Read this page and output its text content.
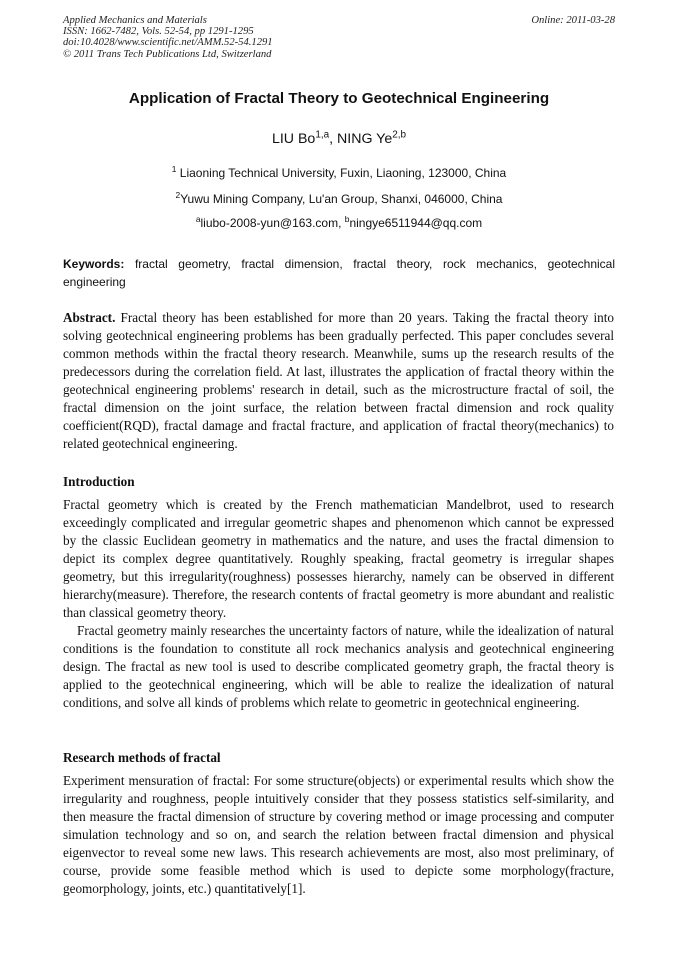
Applied Mechanics and Materials
ISSN: 1662-7482, Vols. 52-54, pp 1291-1295
doi:10.4028/www.scientific.net/AMM.52-54.1291
© 2011 Trans Tech Publications Ltd, Switzerland
Online: 2011-03-28
Application of Fractal Theory to Geotechnical Engineering
LIU Bo$^{1,a}$, NING Ye$^{2,b}$
$^1$ Liaoning Technical University, Fuxin, Liaoning, 123000, China
$^2$Yuwu Mining Company, Lu'an Group, Shanxi, 046000, China
$^a$liubo-2008-yun@163.com, $^b$ningye6511944@qq.com
Keywords: fractal geometry, fractal dimension, fractal theory, rock mechanics, geotechnical engineering
Abstract. Fractal theory has been established for more than 20 years. Taking the fractal theory into solving geotechnical engineering problems has been gradually perfected. This paper concludes several common methods within the fractal theory research. Meanwhile, sums up the research results of the predecessors during the correlation field. At last, illustrates the application of fractal theory within the geotechnical engineering problems' research in detail, such as the microstructure fractal of soil, the fractal dimension on the joint surface, the relation between fractal dimension and rock quality coefficient(RQD), fractal damage and fractal fracture, and application of fractal theory(mechanics) to related geotechnical engineering.
Introduction
Fractal geometry which is created by the French mathematician Mandelbrot, used to research exceedingly complicated and irregular geometric shapes and phenomenon which cannot be expressed by the classic Euclidean geometry in mathematics and the nature, and uses the fractal dimension to depict its complex degree quantitatively. Roughly speaking, fractal geometry is irregular shapes geometry, but this irregularity(roughness) possesses hierarchy, namely can be observed in different hierarchy(measure). Therefore, the research contents of fractal geometry is more abundant and realistic than classical geometry theory.
Fractal geometry mainly researches the uncertainty factors of nature, while the idealization of natural conditions is the foundation to constitute all rock mechanics analysis and geotechnical engineering design. The fractal as new tool is used to describe complicated geometry graph, the fractal theory is applied to the geotechnical engineering, which will be able to realize the idealization of natural conditions, and solve all kinds of problems which relate to geometric in geotechnical engineering.
Research methods of fractal
Experiment mensuration of fractal: For some structure(objects) or experimental results which show the irregularity and roughness, people intuitively consider that they possess statistics self-similarity, and then measure the fractal dimension of structure by covering method or image processing and computer simulation technology and so on, and search the relation between fractal dimension and physical eigenvector to reveal some new laws. This research achievements are most, also most preliminary, of course, provide some feasible method which is used to depicte some morphology(fracture, geomorphology, joints, etc.) quantitatively[1].
